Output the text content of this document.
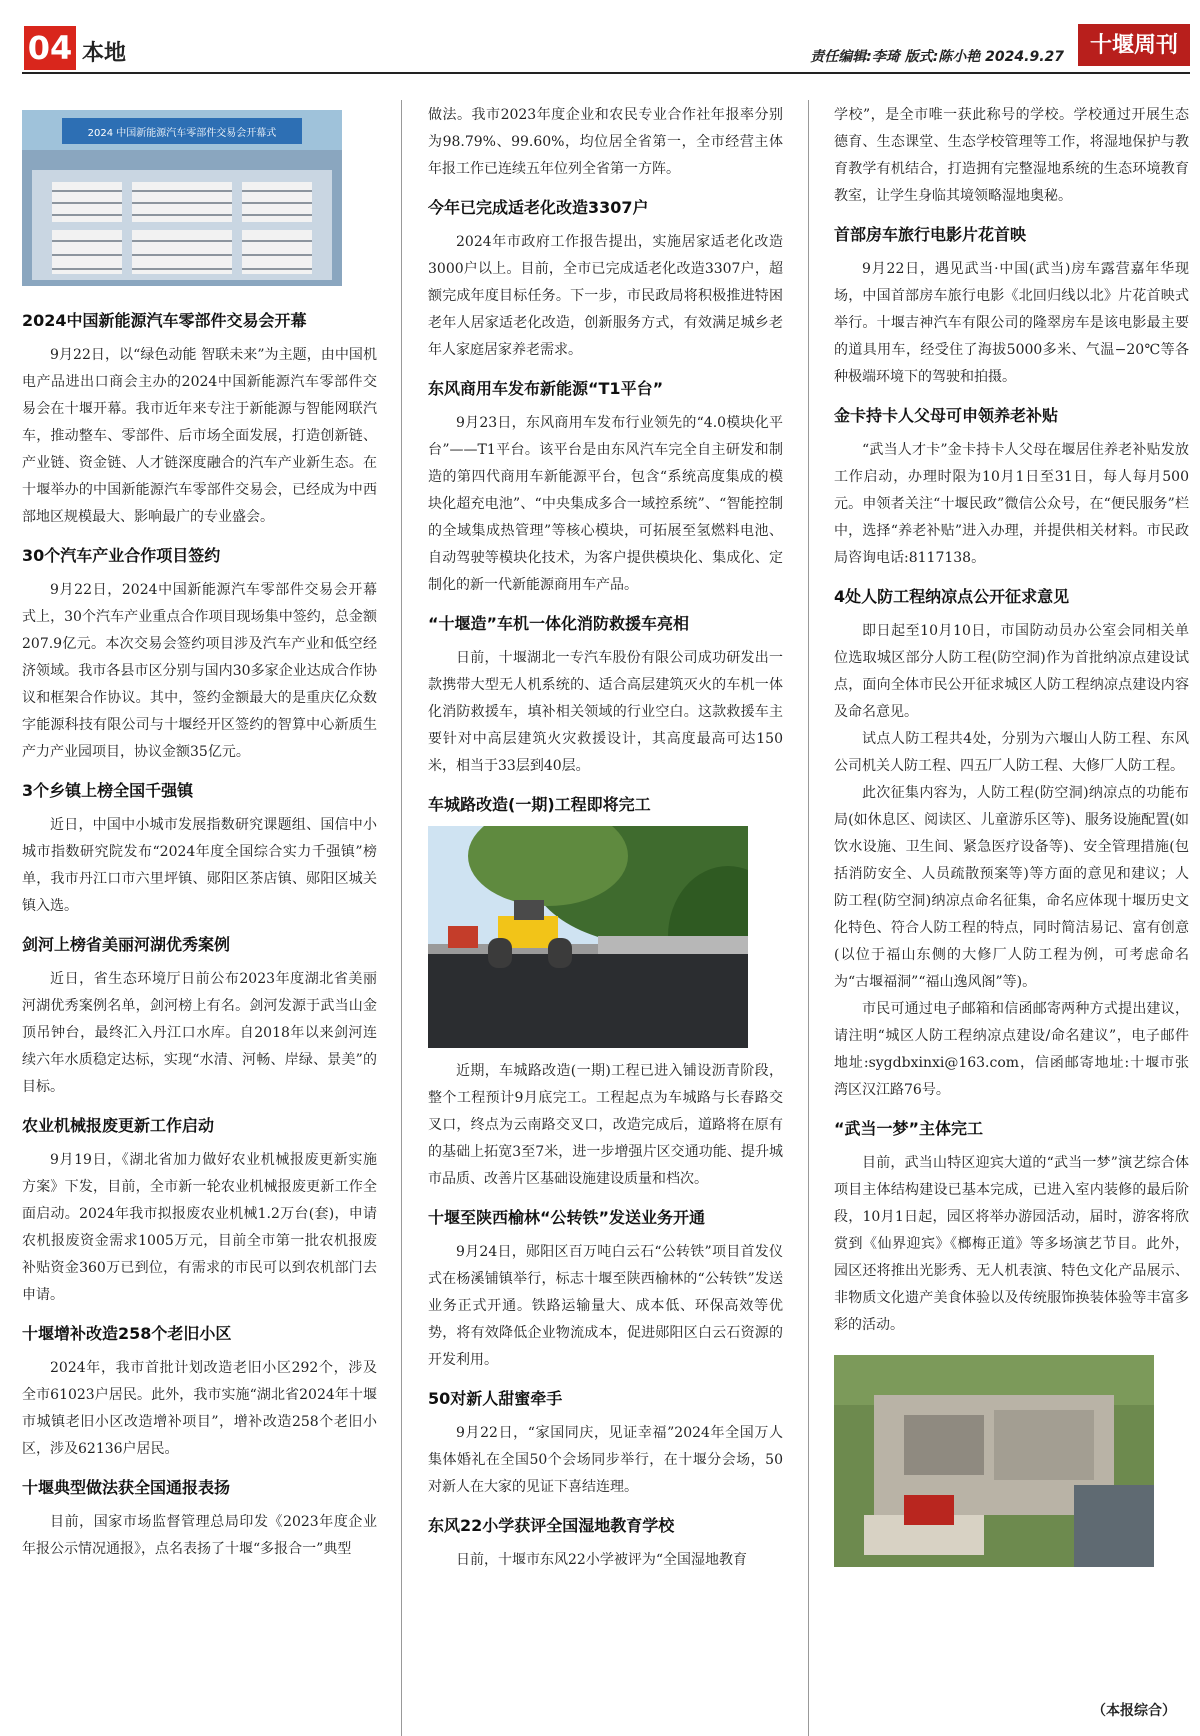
04 本地	责任编辑:李琦 版式:陈小艳 2024.9.27	十堰周刊
2024 中国新能源汽车零部件交易会开幕式
2024中国新能源汽车零部件交易会开幕

9月22日，以“绿色动能 智联未来”为主题，由中国机电产品进出口商会主办的2024中国新能源汽车零部件交易会在十堰开幕。我市近年来专注于新能源与智能网联汽车，推动整车、零部件、后市场全面发展，打造创新链、产业链、资金链、人才链深度融合的汽车产业新生态。在十堰举办的中国新能源汽车零部件交易会，已经成为中西部地区规模最大、影响最广的专业盛会。

30个汽车产业合作项目签约

9月22日，2024中国新能源汽车零部件交易会开幕式上，30个汽车产业重点合作项目现场集中签约，总金额207.9亿元。本次交易会签约项目涉及汽车产业和低空经济领域。我市各县市区分别与国内30多家企业达成合作协议和框架合作协议。其中，签约金额最大的是重庆亿众数字能源科技有限公司与十堰经开区签约的智算中心新质生产力产业园项目，协议金额35亿元。

3个乡镇上榜全国千强镇

近日，中国中小城市发展指数研究课题组、国信中小城市指数研究院发布“2024年度全国综合实力千强镇”榜单，我市丹江口市六里坪镇、郧阳区茶店镇、郧阳区城关镇入选。

剑河上榜省美丽河湖优秀案例

近日，省生态环境厅日前公布2023年度湖北省美丽河湖优秀案例名单，剑河榜上有名。剑河发源于武当山金顶吊钟台，最终汇入丹江口水库。自2018年以来剑河连续六年水质稳定达标，实现“水清、河畅、岸绿、景美”的目标。

农业机械报废更新工作启动

9月19日，《湖北省加力做好农业机械报废更新实施方案》下发，目前，全市新一轮农业机械报废更新工作全面启动。2024年我市拟报废农业机械1.2万台(套)，申请农机报废资金需求1005万元，目前全市第一批农机报废补贴资金360万已到位，有需求的市民可以到农机部门去申请。

十堰增补改造258个老旧小区

2024年，我市首批计划改造老旧小区292个，涉及全市61023户居民。此外，我市实施“湖北省2024年十堰市城镇老旧小区改造增补项目”，增补改造258个老旧小区，涉及62136户居民。

十堰典型做法获全国通报表扬

目前，国家市场监督管理总局印发《2023年度企业年报公示情况通报》，点名表扬了十堰“多报合一”典型

做法。我市2023年度企业和农民专业合作社年报率分别为98.79%、99.60%，均位居全省第一，全市经营主体年报工作已连续五年位列全省第一方阵。

今年已完成适老化改造3307户

2024年市政府工作报告提出，实施居家适老化改造3000户以上。目前，全市已完成适老化改造3307户，超额完成年度目标任务。下一步，市民政局将积极推进特困老年人居家适老化改造，创新服务方式，有效满足城乡老年人家庭居家养老需求。

东风商用车发布新能源“T1平台”

9月23日，东风商用车发布行业领先的“4.0模块化平台”——T1平台。该平台是由东风汽车完全自主研发和制造的第四代商用车新能源平台，包含“系统高度集成的模块化超充电池”、“中央集成多合一域控系统”、“智能控制的全域集成热管理”等核心模块，可拓展至氢燃料电池、自动驾驶等模块化技术，为客户提供模块化、集成化、定制化的新一代新能源商用车产品。

“十堰造”车机一体化消防救援车亮相

日前，十堰湖北一专汽车股份有限公司成功研发出一款携带大型无人机系统的、适合高层建筑灭火的车机一体化消防救援车，填补相关领域的行业空白。这款救援车主要针对中高层建筑火灾救援设计，其高度最高可达150米，相当于33层到40层。

车城路改造(一期)工程即将完工

近期，车城路改造(一期)工程已进入铺设沥青阶段，整个工程预计9月底完工。工程起点为车城路与长春路交叉口，终点为云南路交叉口，改造完成后，道路将在原有的基础上拓宽3至7米，进一步增强片区交通功能、提升城市品质、改善片区基础设施建设质量和档次。

十堰至陕西榆林“公转铁”发送业务开通

9月24日，郧阳区百万吨白云石“公转铁”项目首发仪式在杨溪铺镇举行，标志十堰至陕西榆林的“公转铁”发送业务正式开通。铁路运输量大、成本低、环保高效等优势，将有效降低企业物流成本，促进郧阳区白云石资源的开发利用。

50对新人甜蜜牵手

9月22日，“家国同庆，见证幸福”2024年全国万人集体婚礼在全国50个会场同步举行，在十堰分会场，50对新人在大家的见证下喜结连理。

东风22小学获评全国湿地教育学校

日前，十堰市东风22小学被评为“全国湿地教育

学校”，是全市唯一获此称号的学校。学校通过开展生态德育、生态课堂、生态学校管理等工作，将湿地保护与教育教学有机结合，打造拥有完整湿地系统的生态环境教育教室，让学生身临其境领略湿地奥秘。

首部房车旅行电影片花首映

9月22日，遇见武当·中国(武当)房车露营嘉年华现场，中国首部房车旅行电影《北回归线以北》片花首映式举行。十堰吉神汽车有限公司的隆翠房车是该电影最主要的道具用车，经受住了海拔5000多米、气温−20℃等各种极端环境下的驾驶和拍摄。

金卡持卡人父母可申领养老补贴

“武当人才卡”金卡持卡人父母在堰居住养老补贴发放工作启动，办理时限为10月1日至31日，每人每月500元。申领者关注“十堰民政”微信公众号，在“便民服务”栏中，选择“养老补贴”进入办理，并提供相关材料。市民政局咨询电话:8117138。

4处人防工程纳凉点公开征求意见

即日起至10月10日，市国防动员办公室会同相关单位选取城区部分人防工程(防空洞)作为首批纳凉点建设试点，面向全体市民公开征求城区人防工程纳凉点建设内容及命名意见。

试点人防工程共4处，分别为六堰山人防工程、东风公司机关人防工程、四五厂人防工程、大修厂人防工程。

此次征集内容为，人防工程(防空洞)纳凉点的功能布局(如休息区、阅读区、儿童游乐区等)、服务设施配置(如饮水设施、卫生间、紧急医疗设备等)、安全管理措施(包括消防安全、人员疏散预案等)等方面的意见和建议；人防工程(防空洞)纳凉点命名征集，命名应体现十堰历史文化特色、符合人防工程的特点，同时简洁易记、富有创意(以位于福山东侧的大修厂人防工程为例，可考虑命名为“古堰福洞”“福山逸风阁”等)。

市民可通过电子邮箱和信函邮寄两种方式提出建议，请注明“城区人防工程纳凉点建设/命名建议”，电子邮件地址:sygdbxinxi@163.com，信函邮寄地址:十堰市张湾区汉江路76号。

“武当一梦”主体完工

目前，武当山特区迎宾大道的“武当一梦”演艺综合体项目主体结构建设已基本完成，已进入室内装修的最后阶段，10月1日起，园区将举办游园活动，届时，游客将欣赏到《仙界迎宾》《榔梅正道》等多场演艺节目。此外，园区还将推出光影秀、无人机表演、特色文化产品展示、非物质文化遗产美食体验以及传统服饰换装体验等丰富多彩的活动。

（本报综合）
